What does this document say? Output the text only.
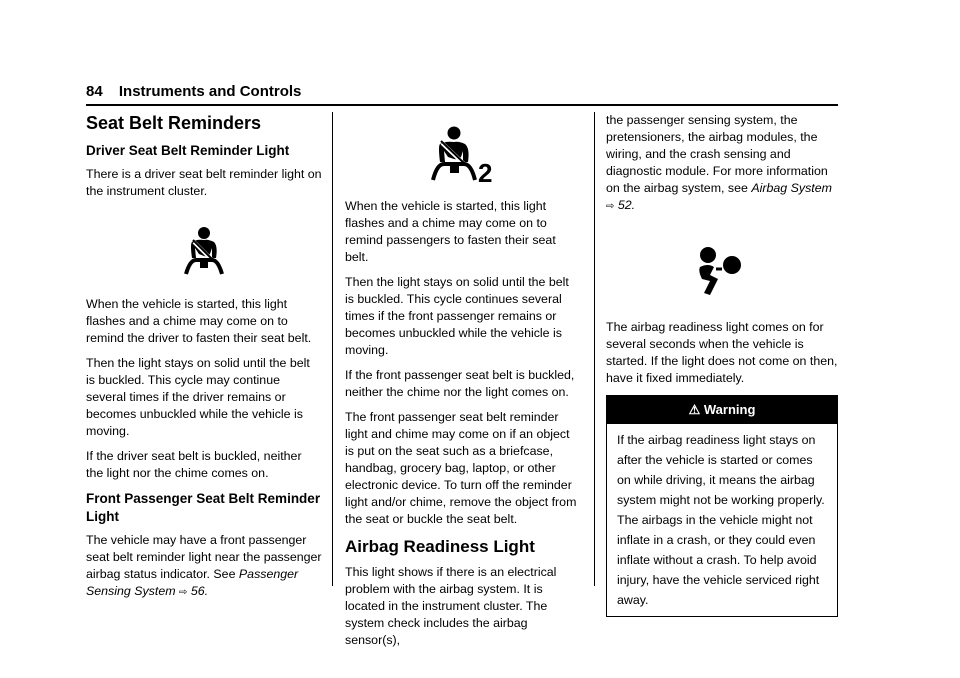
84 Instruments and Controls
Seat Belt Reminders
Driver Seat Belt Reminder Light

There is a driver seat belt reminder light on the instrument cluster.

When the vehicle is started, this light flashes and a chime may come on to remind the driver to fasten their seat belt.

Then the light stays on solid until the belt is buckled. This cycle may continue several times if the driver remains or becomes unbuckled while the vehicle is moving.

If the driver seat belt is buckled, neither the light nor the chime comes on.

Front Passenger Seat Belt Reminder Light

The vehicle may have a front passenger seat belt reminder light near the passenger airbag status indicator. See Passenger Sensing System ⇨ 56.

2

When the vehicle is started, this light flashes and a chime may come on to remind passengers to fasten their seat belt.

Then the light stays on solid until the belt is buckled. This cycle continues several times if the front passenger remains or becomes unbuckled while the vehicle is moving.

If the front passenger seat belt is buckled, neither the chime nor the light comes on.

The front passenger seat belt reminder light and chime may come on if an object is put on the seat such as a briefcase, handbag, grocery bag, laptop, or other electronic device. To turn off the reminder light and/or chime, remove the object from the seat or buckle the seat belt.

Airbag Readiness Light

This light shows if there is an electrical problem with the airbag system. It is located in the instrument cluster. The system check includes the airbag sensor(s),

the passenger sensing system, the pretensioners, the airbag modules, the wiring, and the crash sensing and diagnostic module. For more information on the airbag system, see Airbag System ⇨ 52.

The airbag readiness light comes on for several seconds when the vehicle is started. If the light does not come on then, have it fixed immediately.

⚠ Warning
If the airbag readiness light stays on after the vehicle is started or comes on while driving, it means the airbag system might not be working properly. The airbags in the vehicle might not inflate in a crash, or they could even inflate without a crash. To help avoid injury, have the vehicle serviced right away.
